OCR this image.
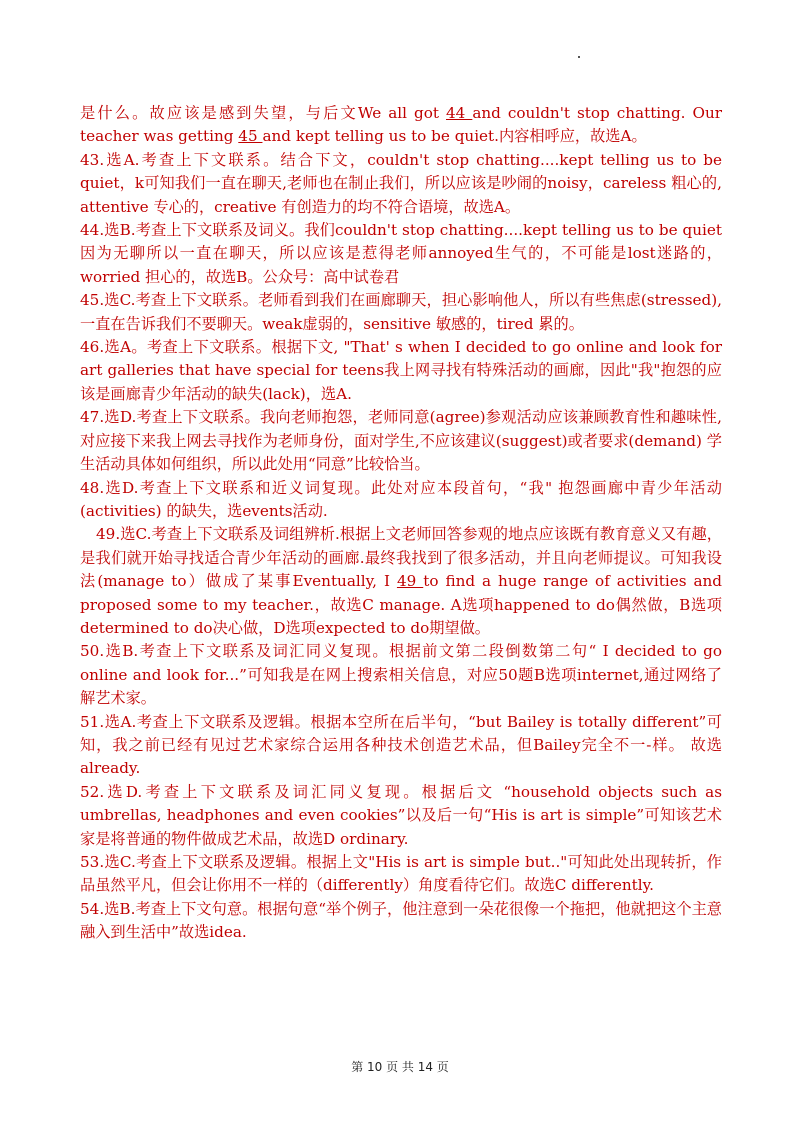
是什么。故应该是感到失望，与后文We all got 44 and couldn't stop chatting. Our teacher was getting 45 and kept telling us to be quiet.内容相呼应，故选A。

43.选A.考查上下文联系。结合下文，couldn't stop chatting....kept telling us to be quiet，k可知我们一直在聊天,老师也在制止我们，所以应该是吵闹的noisy，careless 粗心的, attentive 专心的，creative 有创造力的均不符合语境，故选A。

44.选B.考查上下文联系及词义。我们couldn't stop chatting....kept telling us to be quiet因为无聊所以一直在聊天，所以应该是惹得老师annoyed生气的，不可能是lost迷路的，worried 担心的，故选B。公众号：高中试卷君

45.选C.考查上下文联系。老师看到我们在画廊聊天，担心影响他人，所以有些焦虑(stressed), 一直在告诉我们不要聊天。weak虚弱的，sensitive 敏感的，tired 累的。

46.选A。考查上下文联系。根据下文, "That' s when I decided to go online and look for art galleries that have special for teens我上网寻找有特殊活动的画廊，因此"我"抱怨的应该是画廊青少年活动的缺失(lack)，选A.

47.选D.考查上下文联系。我向老师抱怨，老师同意(agree)参观活动应该兼顾教育性和趣味性,对应接下来我上网去寻找作为老师身份，面对学生,不应该建议(suggest)或者要求(demand) 学生活动具体如何组织，所以此处用“同意”比较恰当。

48.选D.考查上下文联系和近义词复现。此处对应本段首句，“我" 抱怨画廊中青少年活动(activities) 的缺失，选events活动.

49.选C.考查上下文联系及词组辨析.根据上文老师回答参观的地点应该既有教育意义又有趣，是我们就开始寻找适合青少年活动的画廊.最终我找到了很多活动，并且向老师提议。可知我设法(manage to）做成了某事Eventually, I 49 to find a huge range of activities and proposed some to my teacher.，故选C manage. A选项happened to do偶然做，B选项determined to do决心做，D选项expected to do期望做。

50.选B.考查上下文联系及词汇同义复现。根据前文第二段倒数第二句“ I decided to go online and look for...”可知我是在网上搜索相关信息，对应50题B选项internet,通过网络了解艺术家。

51.选A.考查上下文联系及逻辑。根据本空所在后半句，“but Bailey is totally different”可知，我之前已经有见过艺术家综合运用各种技术创造艺术品，但Bailey完全不一-样。 故选already.

52.选D.考查上下文联系及词汇同义复现。根据后文 “household objects such as umbrellas, headphones and even cookies”以及后一句“His is art is simple”可知该艺术家是将普通的物件做成艺术品，故选D ordinary.

53.选C.考查上下文联系及逻辑。根据上文"His is art is simple but.."可知此处出现转折，作品虽然平凡，但会让你用不一样的（differently）角度看待它们。故选C differently.

54.选B.考查上下文句意。根据句意“举个例子，他注意到一朵花很像一个拖把，他就把这个主意融入到生活中”故选idea.

第 10 页 共 14 页
